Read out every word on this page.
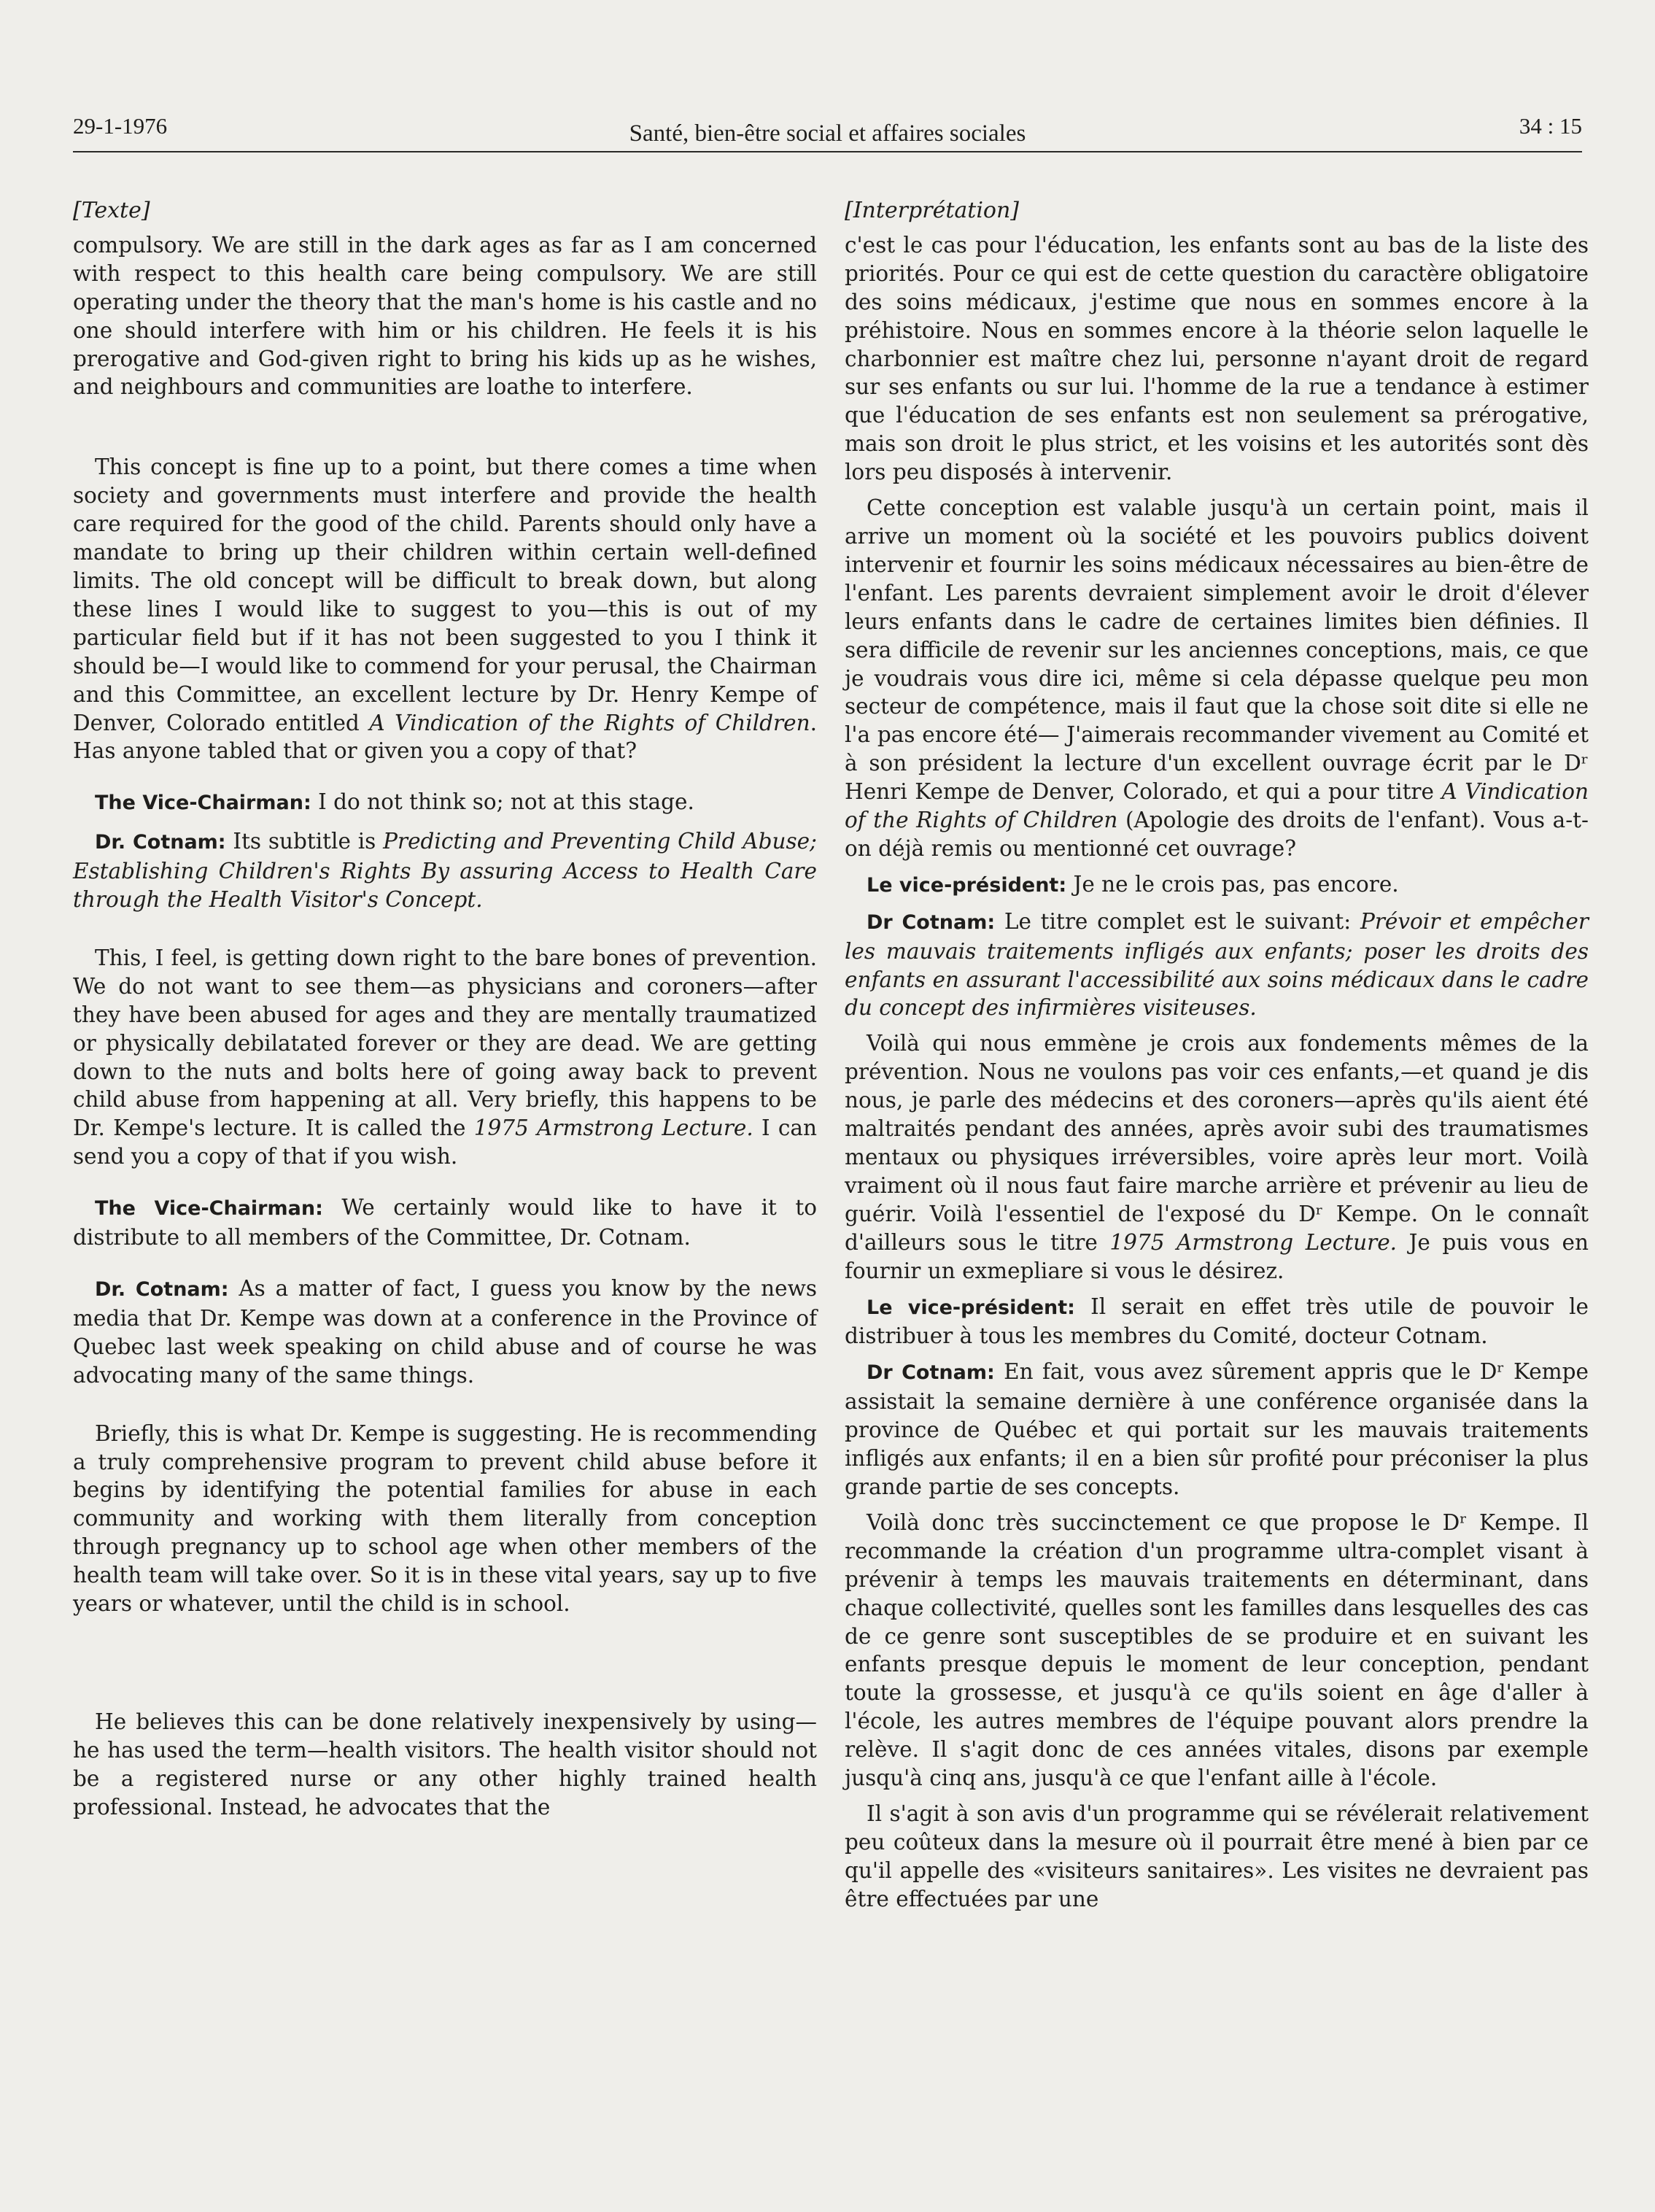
29-1-1976	Santé, bien-être social et affaires sociales	34 : 15
[Texte]

compulsory. We are still in the dark ages as far as I am concerned with respect to this health care being compulsory. We are still operating under the theory that the man's home is his castle and no one should interfere with him or his children. He feels it is his prerogative and God-given right to bring his kids up as he wishes, and neighbours and communities are loathe to interfere.

This concept is fine up to a point, but there comes a time when society and governments must interfere and provide the health care required for the good of the child. Parents should only have a mandate to bring up their children within certain well-defined limits. The old concept will be difficult to break down, but along these lines I would like to suggest to you—this is out of my particular field but if it has not been suggested to you I think it should be—I would like to commend for your perusal, the Chairman and this Committee, an excellent lecture by Dr. Henry Kempe of Denver, Colorado entitled A Vindication of the Rights of Children. Has anyone tabled that or given you a copy of that?

The Vice-Chairman: I do not think so; not at this stage.

Dr. Cotnam: Its subtitle is Predicting and Preventing Child Abuse; Establishing Children's Rights By assuring Access to Health Care through the Health Visitor's Concept.

This, I feel, is getting down right to the bare bones of prevention. We do not want to see them—as physicians and coroners—after they have been abused for ages and they are mentally traumatized or physically debilatated forever or they are dead. We are getting down to the nuts and bolts here of going away back to prevent child abuse from happening at all. Very briefly, this happens to be Dr. Kempe's lecture. It is called the 1975 Armstrong Lecture. I can send you a copy of that if you wish.

The Vice-Chairman: We certainly would like to have it to distribute to all members of the Committee, Dr. Cotnam.

Dr. Cotnam: As a matter of fact, I guess you know by the news media that Dr. Kempe was down at a conference in the Province of Quebec last week speaking on child abuse and of course he was advocating many of the same things.

Briefly, this is what Dr. Kempe is suggesting. He is recommending a truly comprehensive program to prevent child abuse before it begins by identifying the potential families for abuse in each community and working with them literally from conception through pregnancy up to school age when other members of the health team will take over. So it is in these vital years, say up to five years or whatever, until the child is in school.

He believes this can be done relatively inexpensively by using—he has used the term—health visitors. The health visitor should not be a registered nurse or any other highly trained health professional. Instead, he advocates that the

[Interprétation]

c'est le cas pour l'éducation, les enfants sont au bas de la liste des priorités. Pour ce qui est de cette question du caractère obligatoire des soins médicaux, j'estime que nous en sommes encore à la préhistoire. Nous en sommes encore à la théorie selon laquelle le charbonnier est maître chez lui, personne n'ayant droit de regard sur ses enfants ou sur lui. l'homme de la rue a tendance à estimer que l'éducation de ses enfants est non seulement sa prérogative, mais son droit le plus strict, et les voisins et les autorités sont dès lors peu disposés à intervenir.

Cette conception est valable jusqu'à un certain point, mais il arrive un moment où la société et les pouvoirs publics doivent intervenir et fournir les soins médicaux nécessaires au bien-être de l'enfant. Les parents devraient simplement avoir le droit d'élever leurs enfants dans le cadre de certaines limites bien définies. Il sera difficile de revenir sur les anciennes conceptions, mais, ce que je voudrais vous dire ici, même si cela dépasse quelque peu mon secteur de compétence, mais il faut que la chose soit dite si elle ne l'a pas encore été— J'aimerais recommander vivement au Comité et à son président la lecture d'un excellent ouvrage écrit par le Dʳ Henri Kempe de Denver, Colorado, et qui a pour titre A Vindication of the Rights of Children (Apologie des droits de l'enfant). Vous a-t-on déjà remis ou mentionné cet ouvrage?

Le vice-président: Je ne le crois pas, pas encore.

Dr Cotnam: Le titre complet est le suivant: Prévoir et empêcher les mauvais traitements infligés aux enfants; poser les droits des enfants en assurant l'accessibilité aux soins médicaux dans le cadre du concept des infirmières visiteuses.

Voilà qui nous emmène je crois aux fondements mêmes de la prévention. Nous ne voulons pas voir ces enfants,—et quand je dis nous, je parle des médecins et des coroners—après qu'ils aient été maltraités pendant des années, après avoir subi des traumatismes mentaux ou physiques irréversibles, voire après leur mort. Voilà vraiment où il nous faut faire marche arrière et prévenir au lieu de guérir. Voilà l'essentiel de l'exposé du Dʳ Kempe. On le connaît d'ailleurs sous le titre 1975 Armstrong Lecture. Je puis vous en fournir un exmepliare si vous le désirez.

Le vice-président: Il serait en effet très utile de pouvoir le distribuer à tous les membres du Comité, docteur Cotnam.

Dr Cotnam: En fait, vous avez sûrement appris que le Dʳ Kempe assistait la semaine dernière à une conférence organisée dans la province de Québec et qui portait sur les mauvais traitements infligés aux enfants; il en a bien sûr profité pour préconiser la plus grande partie de ses concepts.

Voilà donc très succinctement ce que propose le Dʳ Kempe. Il recommande la création d'un programme ultra-complet visant à prévenir à temps les mauvais traitements en déterminant, dans chaque collectivité, quelles sont les familles dans lesquelles des cas de ce genre sont susceptibles de se produire et en suivant les enfants presque depuis le moment de leur conception, pendant toute la grossesse, et jusqu'à ce qu'ils soient en âge d'aller à l'école, les autres membres de l'équipe pouvant alors prendre la relève. Il s'agit donc de ces années vitales, disons par exemple jusqu'à cinq ans, jusqu'à ce que l'enfant aille à l'école.

Il s'agit à son avis d'un programme qui se révélerait relativement peu coûteux dans la mesure où il pourrait être mené à bien par ce qu'il appelle des «visiteurs sanitaires». Les visites ne devraient pas être effectuées par une
